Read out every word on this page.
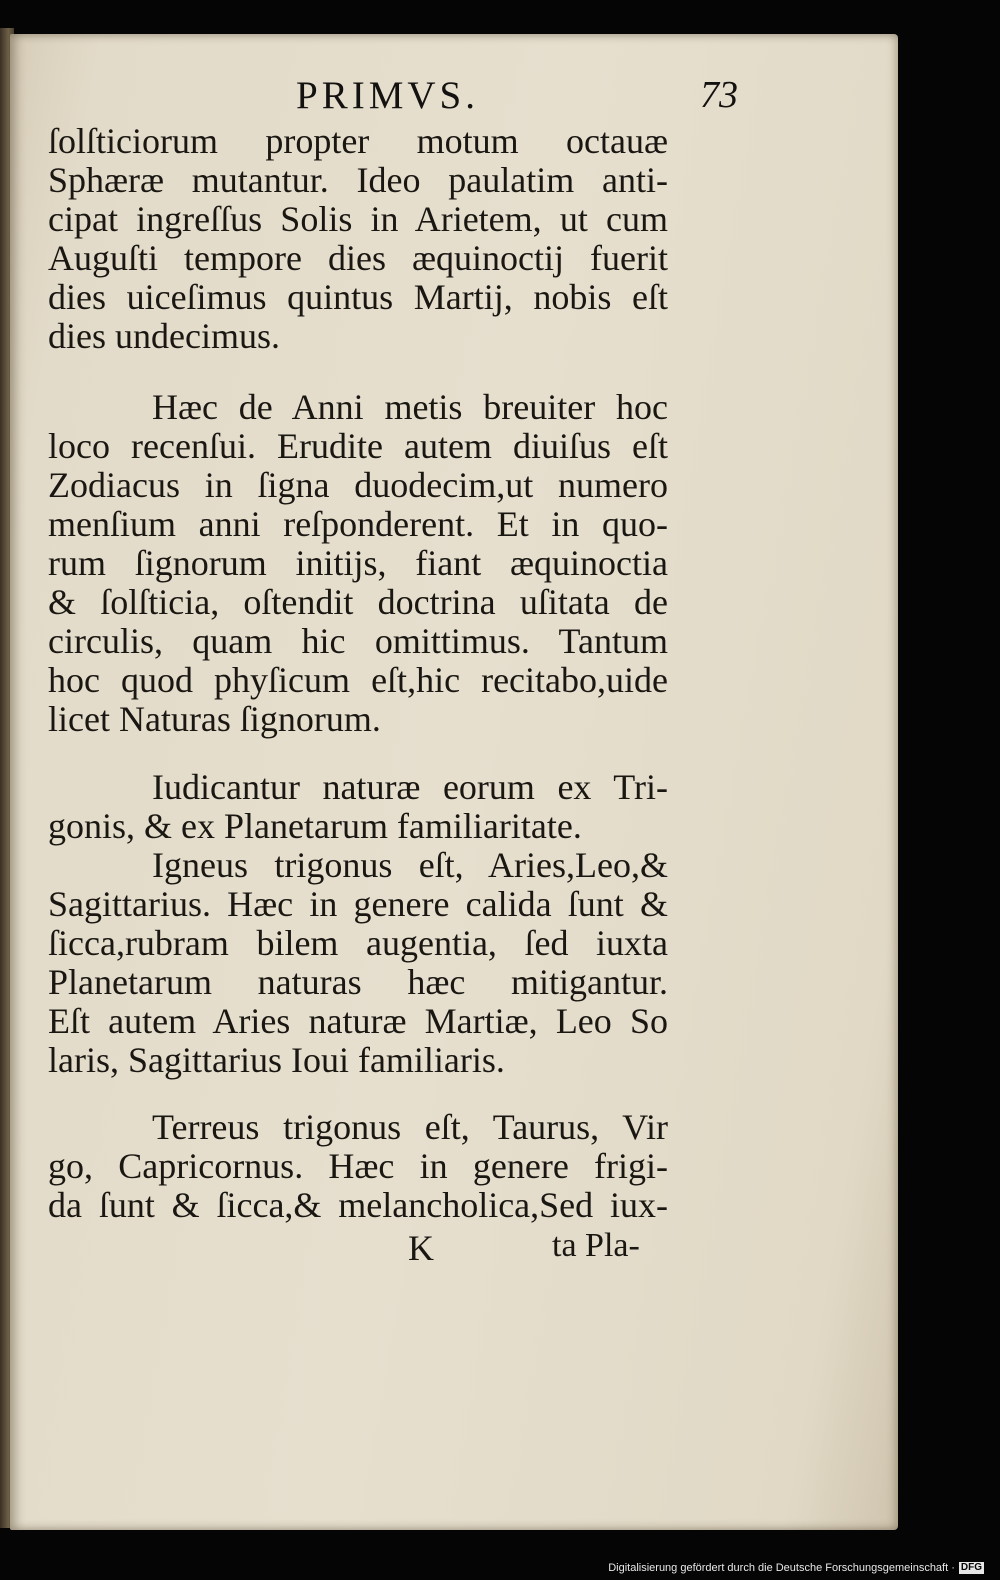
PRIMVS.	73
ſolſticiorum propter motum octauæ
Sphæræ mutantur. Ideo paulatim anti-
cipat ingreſſus Solis in Arietem, ut cum
Auguſti tempore dies æquinoctij fuerit
dies uiceſimus quintus Martij, nobis eſt
dies undecimus.
Hæc de Anni metis breuiter hoc
loco recenſui. Erudite autem diuiſus eſt
Zodiacus in ſigna duodecim,ut numero
menſium anni reſponderent. Et in quo-
rum ſignorum initijs, fiant æquinoctia
& ſolſticia, oſtendit doctrina uſitata de
circulis, quam hic omittimus. Tantum
hoc quod phyſicum eſt,hic recitabo,uide
licet Naturas ſignorum.
Iudicantur naturæ eorum ex Tri-
gonis, & ex Planetarum familiaritate.
Igneus trigonus eſt, Aries,Leo,&
Sagittarius. Hæc in genere calida ſunt &
ſicca,rubram bilem augentia, ſed iuxta
Planetarum naturas hæc mitigantur.
Eſt autem Aries naturæ Martiæ, Leo So
laris, Sagittarius Ioui familiaris.
Terreus trigonus eſt, Taurus, Vir
go, Capricornus. Hæc in genere frigi-
da ſunt & ſicca,& melancholica,Sed iux-
K	ta Pla-
Digitalisierung gefördert durch die Deutsche Forschungsgemeinschaft · DFG
